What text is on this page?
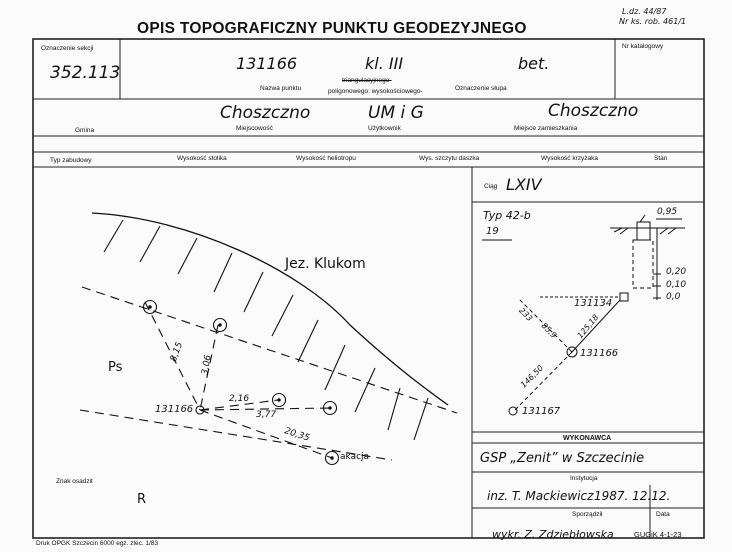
OPIS TOPOGRAFICZNY PUNKTU GEODEZYJNEGO
L.dz. 44/87
Nr ks. rob. 461/1
Oznaczenie sekcji
352.113
Nr katalogowy
131166	kl. III	bet.
Nazwa punktu
triangulacyjnego-
poligonowego: wysokościowego-	Oznaczenie słupa
Choszczno	UM i G	Choszczno
Gmina	Miejscowość	Użytkownik	Miejsce zamieszkania
Typ zabudowy	Wysokość stolika	Wysokość heliotropu	Wys. szczytu daszka	Wysokość krzyżaka	Stan
Jez. Klukom
Ps
R
131166
8,15
3,06
2,16
3,77
20,35
akacja
Znak osadzit
Ciąg LXIV
Typ 42-b
19
0,95
0,20
0,10
0,0
131134
131166
131167
233
85,9 125,18
146,50
WYKONAWCA
GSP „Zenit” w Szczecinie
Instytucja
inz. T. Mackiewicz 1987. 12.12.
Sporządził	Data
Druk OPGK Szczecin 6000 egz. zlec. 1/83
wykr. Z. Zdziebłowska	GUGiK 4-1-23
